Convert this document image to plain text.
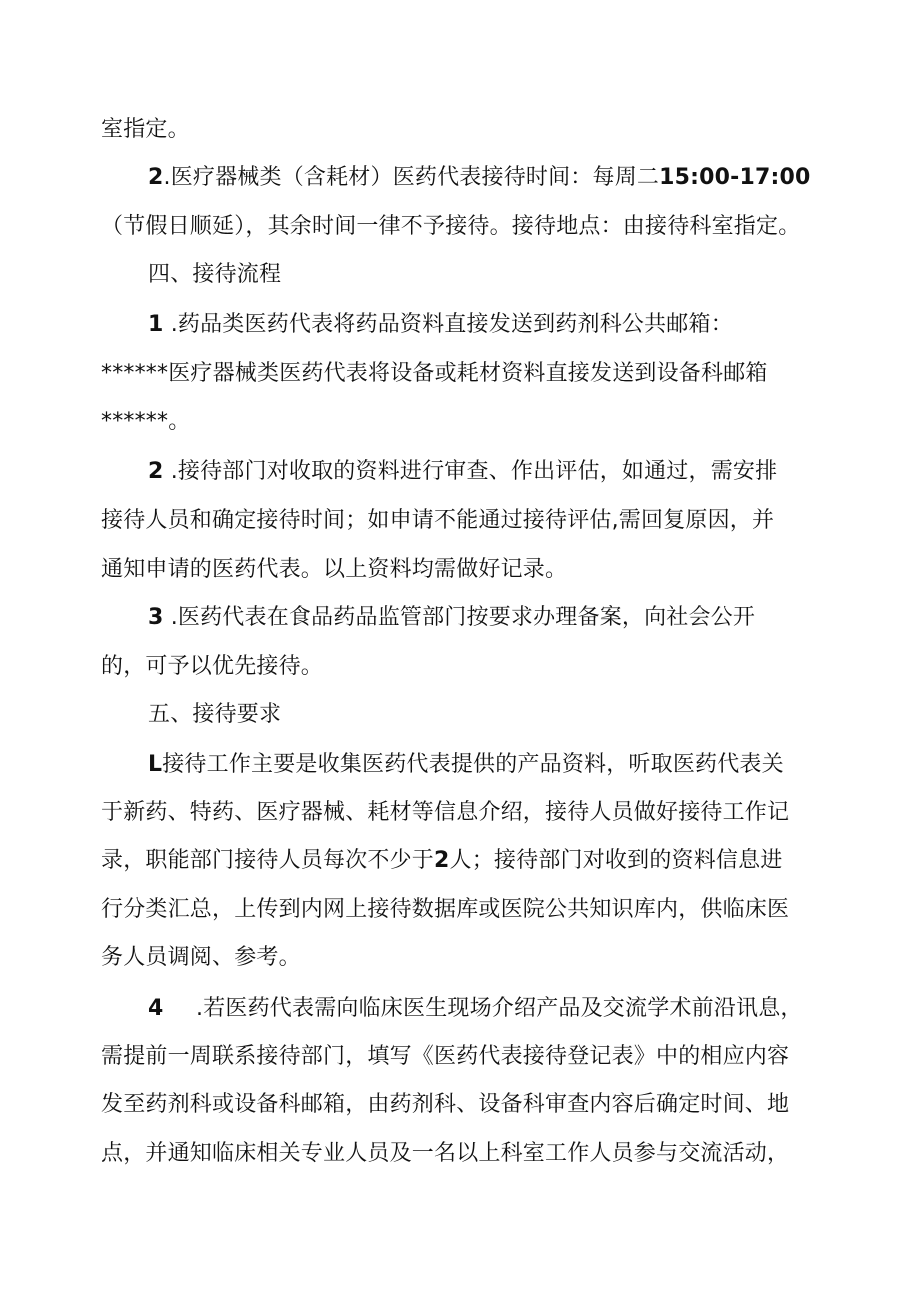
室指定。
2.医疗器械类（含耗材）医药代表接待时间：每周二15:00-17:00
（节假日顺延），其余时间一律不予接待。接待地点：由接待科室指定。
四、接待流程
1 .药品类医药代表将药品资料直接发送到药剂科公共邮箱：
******医疗器械类医药代表将设备或耗材资料直接发送到设备科邮箱
******。
2 .接待部门对收取的资料进行审查、作出评估，如通过，需安排
接待人员和确定接待时间；如申请不能通过接待评估,需回复原因，并
通知申请的医药代表。以上资料均需做好记录。
3 .医药代表在食品药品监管部门按要求办理备案，向社会公开
的，可予以优先接待。
五、接待要求
L接待工作主要是收集医药代表提供的产品资料，听取医药代表关
于新药、特药、医疗器械、耗材等信息介绍，接待人员做好接待工作记
录，职能部门接待人员每次不少于2人；接待部门对收到的资料信息进
行分类汇总，上传到内网上接待数据库或医院公共知识库内，供临床医
务人员调阅、参考。
4 .若医药代表需向临床医生现场介绍产品及交流学术前沿讯息，
需提前一周联系接待部门，填写《医药代表接待登记表》中的相应内容
发至药剂科或设备科邮箱，由药剂科、设备科审查内容后确定时间、地
点，并通知临床相关专业人员及一名以上科室工作人员参与交流活动，
